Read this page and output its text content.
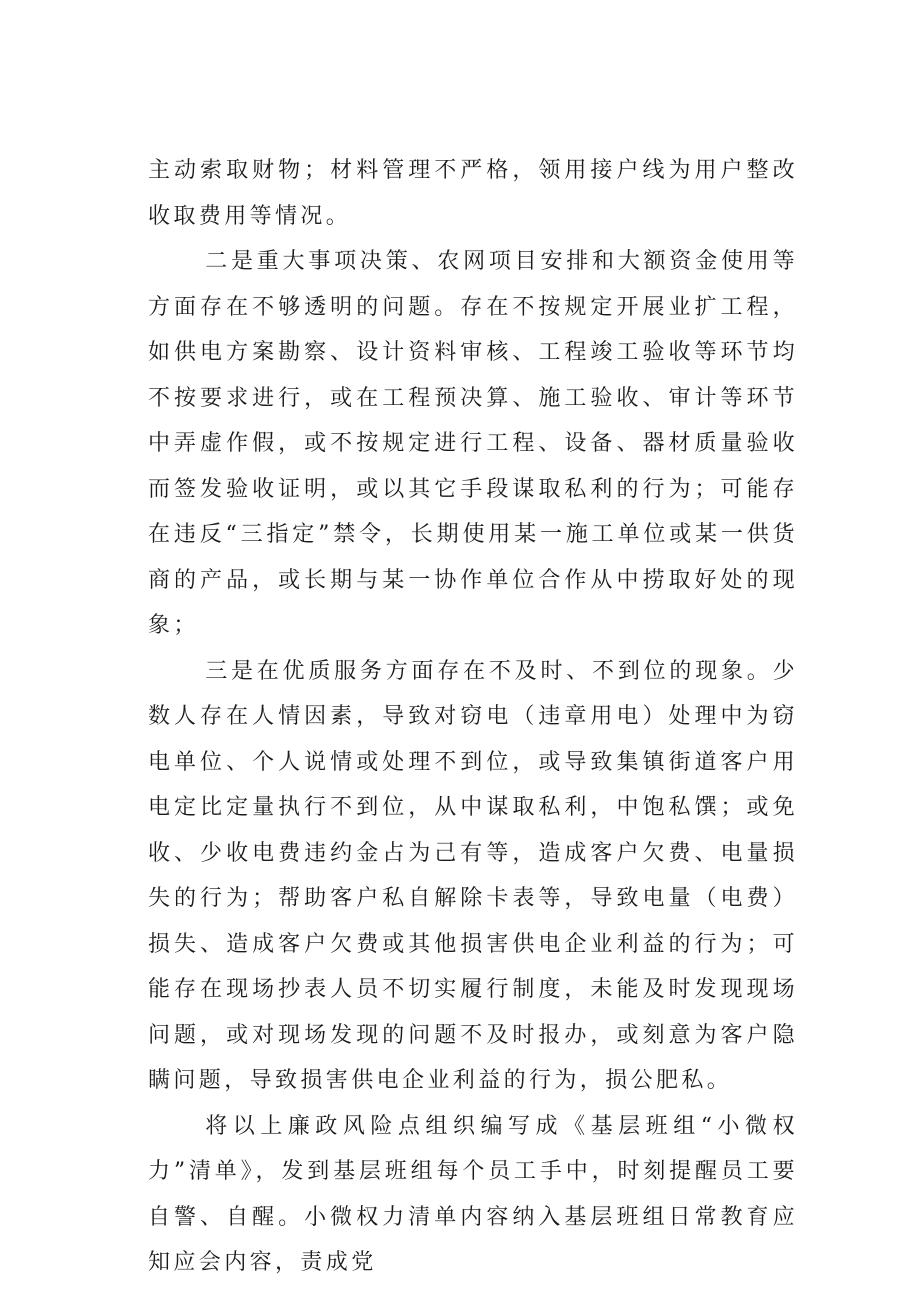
主动索取财物；材料管理不严格，领用接户线为用户整改收取费用等情况。

二是重大事项决策、农网项目安排和大额资金使用等方面存在不够透明的问题。存在不按规定开展业扩工程，如供电方案勘察、设计资料审核、工程竣工验收等环节均不按要求进行，或在工程预决算、施工验收、审计等环节中弄虚作假，或不按规定进行工程、设备、器材质量验收而签发验收证明，或以其它手段谋取私利的行为；可能存在违反“三指定”禁令，长期使用某一施工单位或某一供货商的产品，或长期与某一协作单位合作从中捞取好处的现象；

三是在优质服务方面存在不及时、不到位的现象。少数人存在人情因素，导致对窃电（违章用电）处理中为窃电单位、个人说情或处理不到位，或导致集镇街道客户用电定比定量执行不到位，从中谋取私利，中饱私馔；或免收、少收电费违约金占为己有等，造成客户欠费、电量损失的行为；帮助客户私自解除卡表等，导致电量（电费）损失、造成客户欠费或其他损害供电企业利益的行为；可能存在现场抄表人员不切实履行制度，未能及时发现现场问题，或对现场发现的问题不及时报办，或刻意为客户隐瞒问题，导致损害供电企业利益的行为，损公肥私。

将以上廉政风险点组织编写成《基层班组“小微权力”清单》，发到基层班组每个员工手中，时刻提醒员工要自警、自醒。小微权力清单内容纳入基层班组日常教育应知应会内容，责成党
